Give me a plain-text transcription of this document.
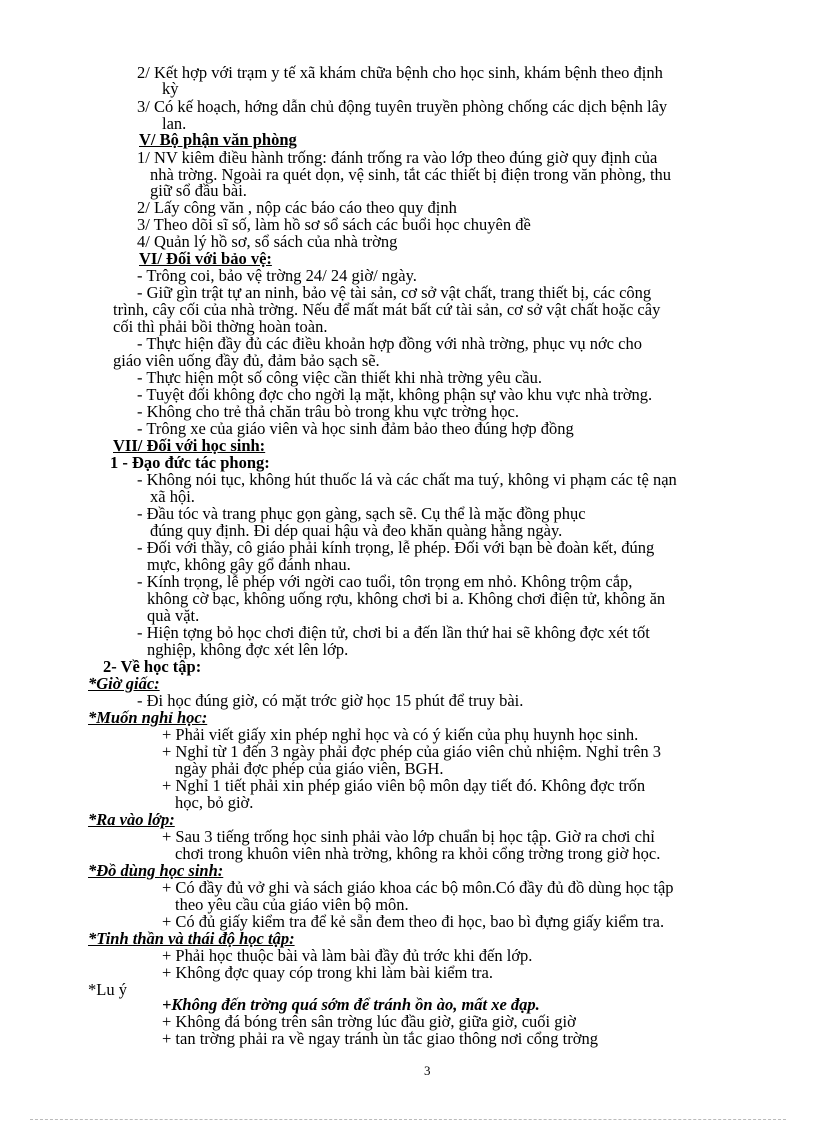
2/ Kết hợp với trạm y tế xã khám chữa bệnh cho học sinh, khám bệnh theo định
kỳ
3/ Có kế hoạch, hớng dẫn chủ động tuyên truyền phòng chống các dịch bệnh lây
lan.
V/ Bộ phận văn phòng
1/ NV kiêm điều hành trống: đánh trống ra vào lớp theo đúng giờ quy định của
nhà trờng. Ngoài ra quét dọn, vệ sinh, tắt các thiết bị điện trong văn phòng, thu
giữ sổ đầu bài.
2/ Lấy công văn , nộp các báo cáo theo quy định
3/ Theo dõi sĩ số, làm hồ sơ sổ sách các buổi học chuyên đề
4/ Quản lý hồ sơ, sổ sách của nhà trờng
VI/ Đối với bảo vệ:
- Trông coi, bảo vệ trờng 24/ 24 giờ/ ngày.
- Giữ gìn trật tự an ninh, bảo vệ tài sản, cơ sở vật chất, trang thiết bị, các công
trình, cây cối của nhà trờng. Nếu để mất mát bất cứ tài sản, cơ sở vật chất hoặc cây
cối thì phải bồi thờng hoàn toàn.
- Thực hiện đầy đủ các điều khoản hợp đồng với nhà trờng, phục vụ nớc cho
giáo viên uống đầy đủ, đảm bảo sạch sẽ.
- Thực hiện một số công việc cần thiết khi nhà trờng yêu cầu.
- Tuyệt đối không đợc cho ngời lạ mặt, không phận sự vào khu vực nhà trờng.
- Không cho trẻ thả chăn trâu bò trong khu vực trờng học.
- Trông xe của giáo viên và học sinh đảm bảo theo đúng hợp đồng
VII/ Đối với học sinh:
1 - Đạo đức tác phong:
- Không nói tục, không hút thuốc lá và các chất ma tuý, không vi phạm các tệ nạn
xã hội.
- Đầu tóc và trang phục gọn gàng, sạch sẽ. Cụ thể là mặc đồng phục
đúng quy định. Đi dép quai hậu và đeo khăn quàng hằng ngày.
- Đối với thầy, cô giáo phải kính trọng, lễ phép. Đối với bạn bè đoàn kết, đúng
mực, không gây gổ đánh nhau.
- Kính trọng, lễ phép với ngời cao tuổi, tôn trọng em nhỏ. Không trộm cắp,
không cờ bạc, không uống rợu, không chơi bi a. Không chơi điện tử, không ăn
quà vặt.
- Hiện tợng bỏ học chơi điện tử, chơi bi a đến lần thứ hai sẽ không đợc xét tốt
nghiệp, không đợc xét lên lớp.
2- Về học tập:
*Giờ giấc:
- Đi học đúng giờ, có mặt trớc giờ học 15 phút để truy bài.
*Muốn nghỉ học:
+ Phải viết giấy xin phép nghỉ học và có ý kiến của phụ huynh học sinh.
+ Nghỉ từ 1 đến 3 ngày phải đợc phép của giáo viên chủ nhiệm. Nghỉ trên 3
ngày phải đợc phép của giáo viên, BGH.
+ Nghỉ 1 tiết phải xin phép giáo viên bộ môn dạy tiết đó. Không đợc trốn
học, bỏ giờ.
*Ra vào lớp:
+ Sau 3 tiếng trống học sinh phải vào lớp chuẩn bị học tập. Giờ ra chơi chỉ
chơi trong khuôn viên nhà trờng, không ra khỏi cổng trờng trong giờ học.
*Đồ dùng học sinh:
+ Có đầy đủ vở ghi và sách giáo khoa các bộ môn.Có đầy đủ đồ dùng học tập
theo yêu cầu của giáo viên bộ môn.
+ Có đủ giấy kiểm tra để kẻ sẵn đem theo đi học, bao bì đựng giấy kiểm tra.
*Tinh thần và thái độ học tập:
+ Phải học thuộc bài và làm bài đầy đủ trớc khi đến lớp.
+ Không đợc quay cóp trong khi làm bài kiểm tra.
*Lu ý
+Không đến trờng quá sớm để tránh ồn ào, mất xe đạp.
+ Không đá bóng trên sân trờng lúc đầu giờ, giữa giờ, cuối giờ
+ tan trờng phải ra về ngay tránh ùn tắc giao thông nơi cổng trờng
3
